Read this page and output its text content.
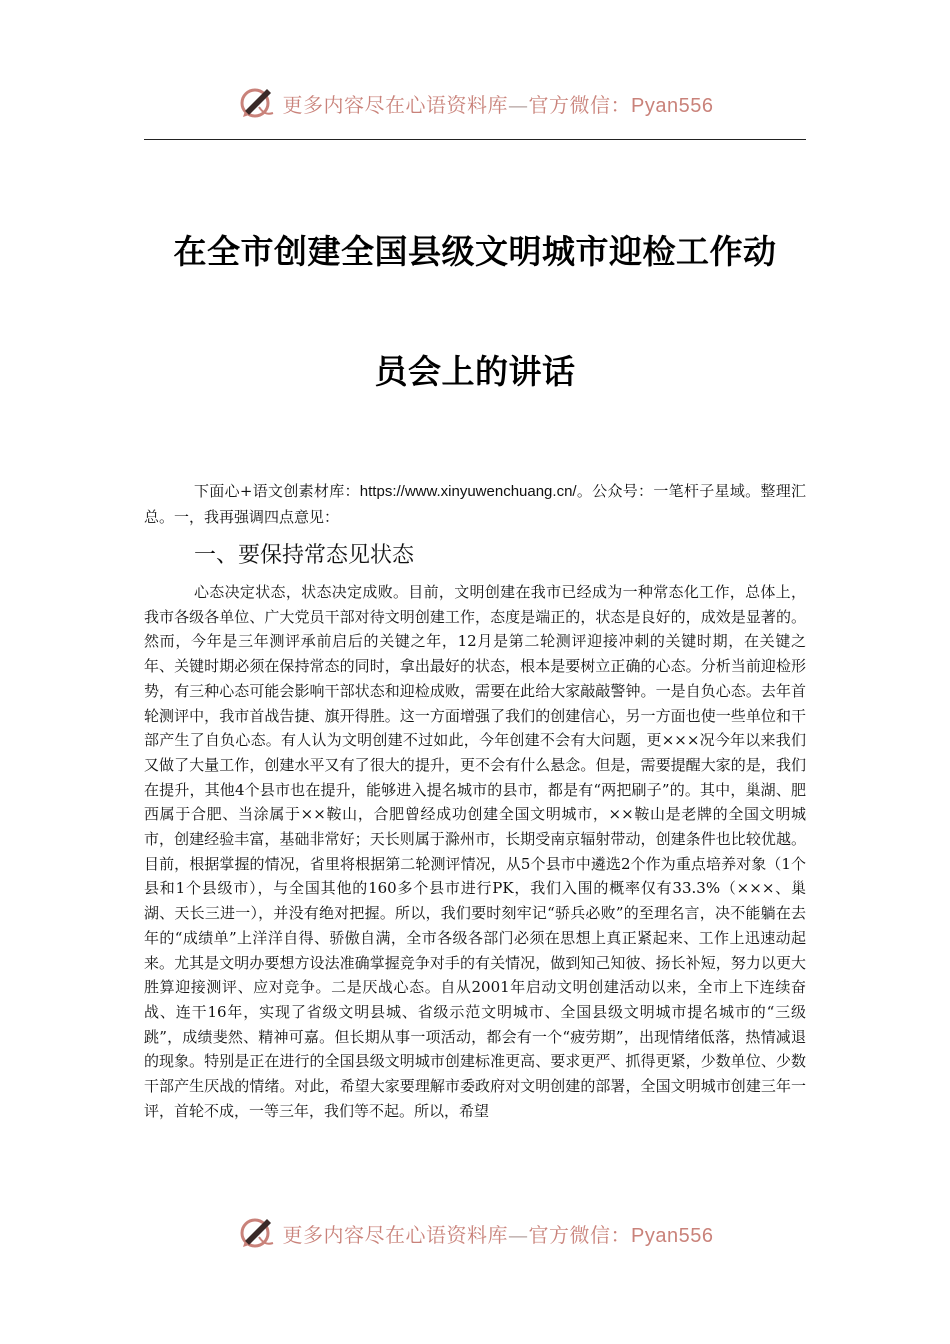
更多内容尽在心语资料库—官方微信：Pyan556
在全市创建全国县级文明城市迎检工作动
员会上的讲话

下面心+语文创素材库：https://www.xinyuwenchuang.cn/。公众号：一笔杆子星域。整理汇总。一，我再强调四点意见：

一、要保持常态见状态

心态决定状态，状态决定成败。目前，文明创建在我市已经成为一种常态化工作，总体上，我市各级各单位、广大党员干部对待文明创建工作，态度是端正的，状态是良好的，成效是显著的。然而，今年是三年测评承前启后的关键之年，12月是第二轮测评迎接冲刺的关键时期，在关键之年、关键时期必须在保持常态的同时，拿出最好的状态，根本是要树立正确的心态。分析当前迎检形势，有三种心态可能会影响干部状态和迎检成败，需要在此给大家敲敲警钟。一是自负心态。去年首轮测评中，我市首战告捷、旗开得胜。这一方面增强了我们的创建信心，另一方面也使一些单位和干部产生了自负心态。有人认为文明创建不过如此，今年创建不会有大问题，更×××况今年以来我们又做了大量工作，创建水平又有了很大的提升，更不会有什么悬念。但是，需要提醒大家的是，我们在提升，其他4个县市也在提升，能够进入提名城市的县市，都是有“两把刷子”的。其中，巢湖、肥西属于合肥、当涂属于××鞍山，合肥曾经成功创建全国文明城市，××鞍山是老牌的全国文明城市，创建经验丰富，基础非常好；天长则属于滁州市，长期受南京辐射带动，创建条件也比较优越。目前，根据掌握的情况，省里将根据第二轮测评情况，从5个县市中遴选2个作为重点培养对象（1个县和1个县级市），与全国其他的160多个县市进行PK，我们入围的概率仅有33.3%（×××、巢湖、天长三进一），并没有绝对把握。所以，我们要时刻牢记“骄兵必败”的至理名言，决不能躺在去年的“成绩单”上洋洋自得、骄傲自满，全市各级各部门必须在思想上真正紧起来、工作上迅速动起来。尤其是文明办要想方设法准确掌握竞争对手的有关情况，做到知己知彼、扬长补短，努力以更大胜算迎接测评、应对竞争。二是厌战心态。自从2001年启动文明创建活动以来，全市上下连续奋战、连干16年，实现了省级文明县城、省级示范文明城市、全国县级文明城市提名城市的“三级跳”，成绩斐然、精神可嘉。但长期从事一项活动，都会有一个“疲劳期”，出现情绪低落，热情减退的现象。特别是正在进行的全国县级文明城市创建标准更高、要求更严、抓得更紧，少数单位、少数干部产生厌战的情绪。对此，希望大家要理解市委政府对文明创建的部署，全国文明城市创建三年一评，首轮不成，一等三年，我们等不起。所以，希望

更多内容尽在心语资料库—官方微信：Pyan556
